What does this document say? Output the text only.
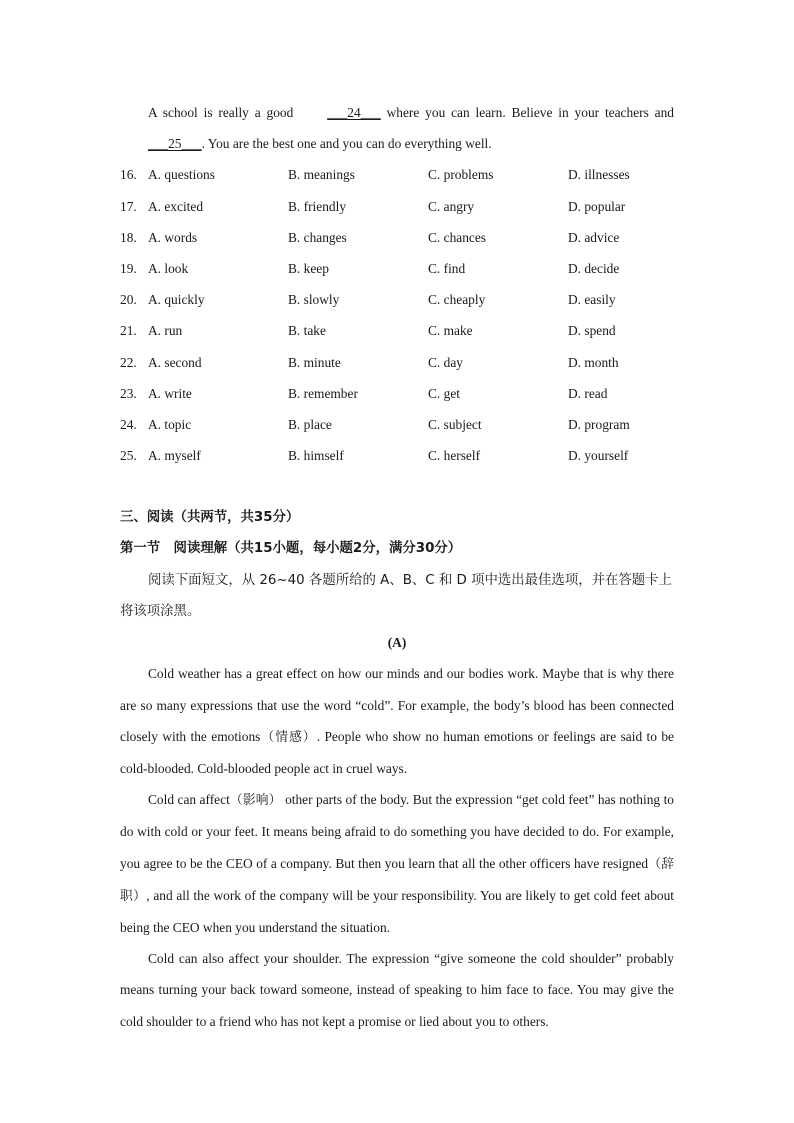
A school is really a good ___24___ where you can learn. Believe in your teachers and ___25___. You are the best one and you can do everything well.

16. A. questions	B. meanings	C. problems	D. illnesses
17. A. excited	B. friendly	C. angry	D. popular
18. A. words	B. changes	C. chances	D. advice
19. A. look	B. keep	C. find	D. decide
20. A. quickly	B. slowly	C. cheaply	D. easily
21. A. run	B. take	C. make	D. spend
22. A. second	B. minute	C. day	D. month
23. A. write	B. remember	C. get	D. read
24. A. topic	B. place	C. subject	D. program
25. A. myself	B. himself	C. herself	D. yourself

三、阅读（共两节，共35分）

第一节　阅读理解（共15小题，每小题2分，满分30分）

阅读下面短文，从 26~40 各题所给的 A、B、C 和 D 项中选出最佳选项，并在答题卡上将该项涂黑。

(A)

Cold weather has a great effect on how our minds and our bodies work. Maybe that is why there are so many expressions that use the word “cold”. For example, the body’s blood has been connected closely with the emotions（情感）. People who show no human emotions or feelings are said to be cold-blooded. Cold-blooded people act in cruel ways.

Cold can affect（影响） other parts of the body. But the expression “get cold feet” has nothing to do with cold or your feet. It means being afraid to do something you have decided to do. For example, you agree to be the CEO of a company. But then you learn that all the other officers have resigned（辞职）, and all the work of the company will be your responsibility. You are likely to get cold feet about being the CEO when you understand the situation.

Cold can also affect your shoulder. The expression “give someone the cold shoulder” probably means turning your back toward someone, instead of speaking to him face to face. You may give the cold shoulder to a friend who has not kept a promise or lied about you to others.
